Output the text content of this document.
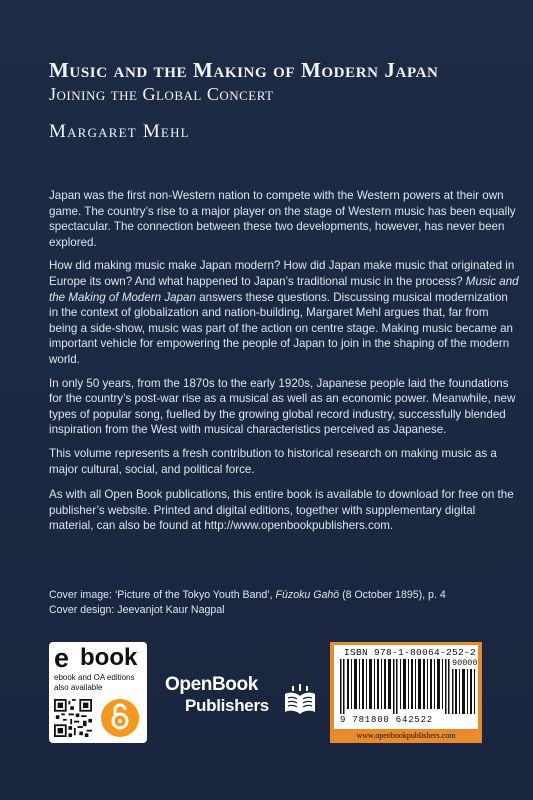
Music and the Making of Modern Japan
Joining the Global Concert
Margaret Mehl

Japan was the first non-Western nation to compete with the Western powers at their own game. The country’s rise to a major player on the stage of Western music has been equally spectacular. The connection between these two developments, however, has never been explored.

How did making music make Japan modern? How did Japan make music that originated in Europe its own? And what happened to Japan’s traditional music in the process? Music and the Making of Modern Japan answers these questions. Discussing musical modernization in the context of globalization and nation-building, Margaret Mehl argues that, far from being a side-show, music was part of the action on centre stage. Making music became an important vehicle for empowering the people of Japan to join in the shaping of the modern world.

In only 50 years, from the 1870s to the early 1920s, Japanese people laid the foundations for the country’s post-war rise as a musical as well as an economic power. Meanwhile, new types of popular song, fuelled by the growing global record industry, successfully blended inspiration from the West with musical characteristics perceived as Japanese.

This volume represents a fresh contribution to historical research on making music as a major cultural, social, and political force.

As with all Open Book publications, this entire book is available to download for free on the publisher’s website. Printed and digital editions, together with supplementary digital material, can also be found at http://www.openbookpublishers.com.

Cover image: ‘Picture of the Tokyo Youth Band’, Fūzoku Gahō (8 October 1895), p. 4
Cover design: Jeevanjot Kaur Nagpal
e book
ebook and OA editions also available	OpenBook
Publishers
ISBN 978-1-80064-252-2
90000
9 781800 642522
www.openbookpublishers.com
